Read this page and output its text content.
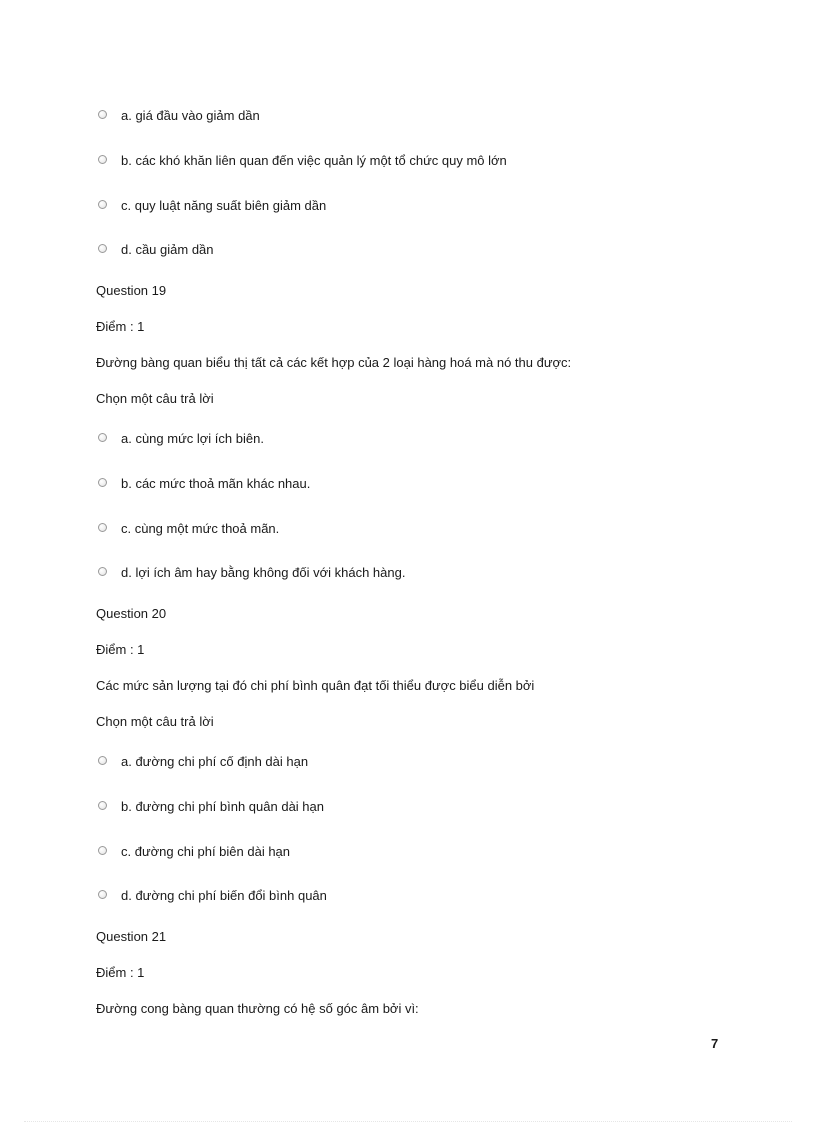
a. giá đầu vào giảm dần
b. các khó khăn liên quan đến việc quản lý một tổ chức quy mô lớn
c. quy luật năng suất biên giảm dần
d. cầu giảm dần
Question 19
Điểm : 1
Đường bàng quan biểu thị tất cả các kết hợp của 2 loại hàng hoá mà nó thu được:
Chọn một câu trả lời
a. cùng mức lợi ích biên.
b. các mức thoả mãn khác nhau.
c. cùng một mức thoả mãn.
d. lợi ích âm hay bằng không đối với khách hàng.
Question 20
Điểm : 1
Các mức sản lượng tại đó chi phí bình quân đạt tối thiểu được biểu diễn bởi
Chọn một câu trả lời
a. đường chi phí cố định dài hạn
b. đường chi phí bình quân dài hạn
c. đường chi phí biên dài hạn
d. đường chi phí biến đổi bình quân
Question 21
Điểm : 1
Đường cong bàng quan thường có hệ số góc âm bởi vì:
7
